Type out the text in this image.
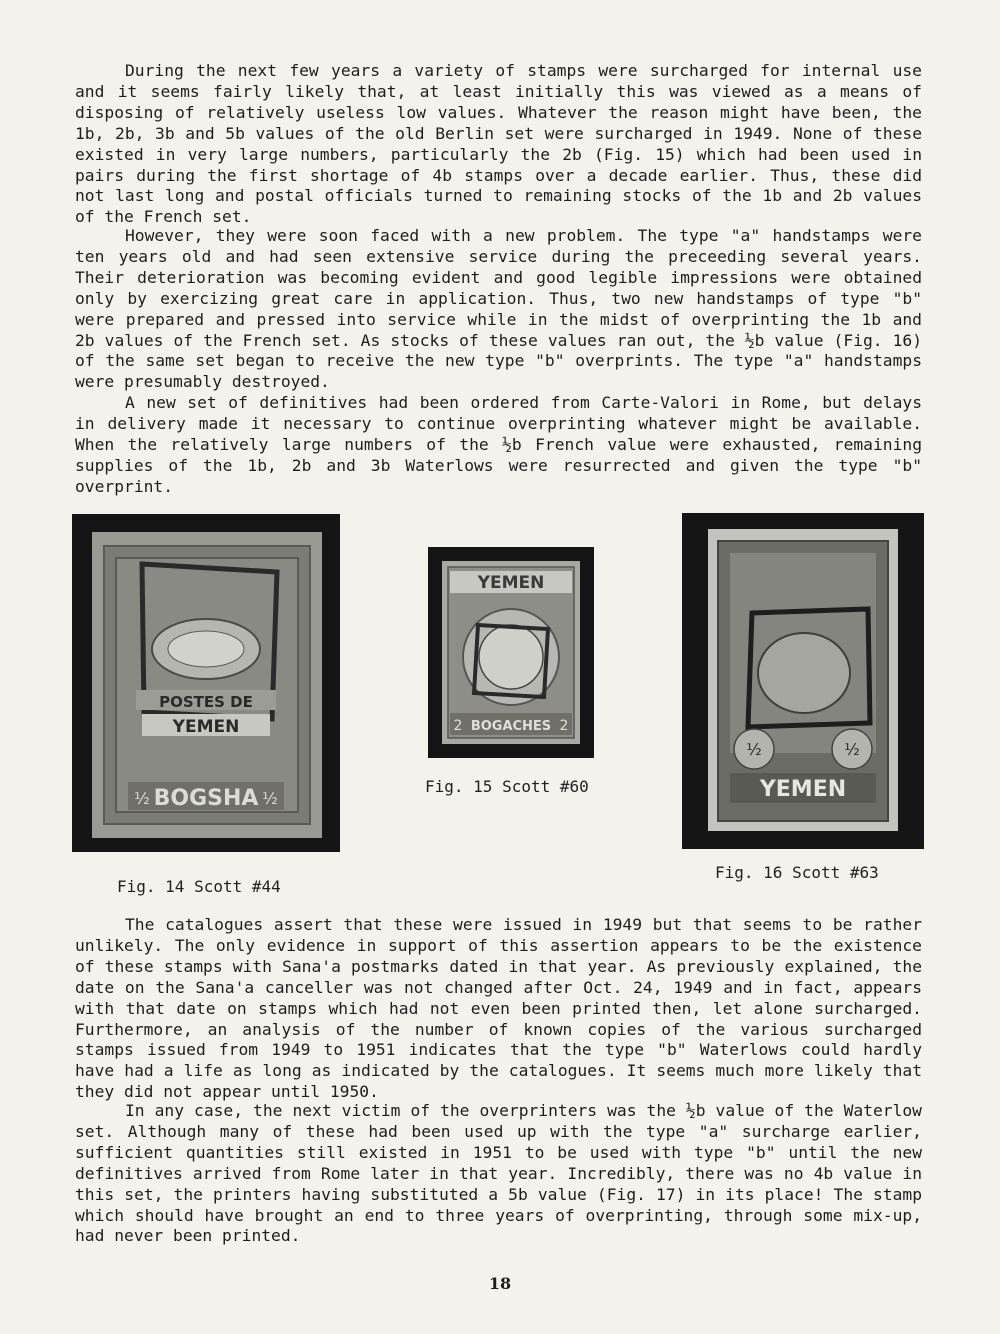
During the next few years a variety of stamps were surcharged for internal use and it seems fairly likely that, at least initially this was viewed as a means of disposing of relatively useless low values. Whatever the reason might have been, the 1b, 2b, 3b and 5b values of the old Berlin set were surcharged in 1949. None of these existed in very large numbers, particularly the 2b (Fig. 15) which had been used in pairs during the first shortage of 4b stamps over a decade earlier. Thus, these did not last long and postal officials turned to remaining stocks of the 1b and 2b values of the French set.

However, they were soon faced with a new problem. The type "a" handstamps were ten years old and had seen extensive service during the preceeding several years. Their deterioration was becoming evident and good legible impressions were obtained only by exercizing great care in application. Thus, two new handstamps of type "b" were prepared and pressed into service while in the midst of overprinting the 1b and 2b values of the French set. As stocks of these values ran out, the ½b value (Fig. 16) of the same set began to receive the new type "b" overprints. The type "a" handstamps were presumably destroyed.

A new set of definitives had been ordered from Carte-Valori in Rome, but delays in delivery made it necessary to continue overprinting whatever might be available. When the relatively large numbers of the ½b French value were exhausted, remaining supplies of the 1b, 2b and 3b Waterlows were resurrected and given the type "b" overprint.

POSTES DE
YEMEN
BOGSHA
½	½
Fig. 14 Scott #44
YEMEN
2 BOGACHES 2
Fig. 15 Scott #60
½	½
YEMEN
Fig. 16 Scott #63

The catalogues assert that these were issued in 1949 but that seems to be rather unlikely. The only evidence in support of this assertion appears to be the existence of these stamps with Sana'a postmarks dated in that year. As previously explained, the date on the Sana'a canceller was not changed after Oct. 24, 1949 and in fact, appears with that date on stamps which had not even been printed then, let alone surcharged. Furthermore, an analysis of the number of known copies of the various surcharged stamps issued from 1949 to 1951 indicates that the type "b" Waterlows could hardly have had a life as long as indicated by the catalogues. It seems much more likely that they did not appear until 1950.

In any case, the next victim of the overprinters was the ½b value of the Waterlow set. Although many of these had been used up with the type "a" surcharge earlier, sufficient quantities still existed in 1951 to be used with type "b" until the new definitives arrived from Rome later in that year. Incredibly, there was no 4b value in this set, the printers having substituted a 5b value (Fig. 17) in its place! The stamp which should have brought an end to three years of overprinting, through some mix-up, had never been printed.

18
